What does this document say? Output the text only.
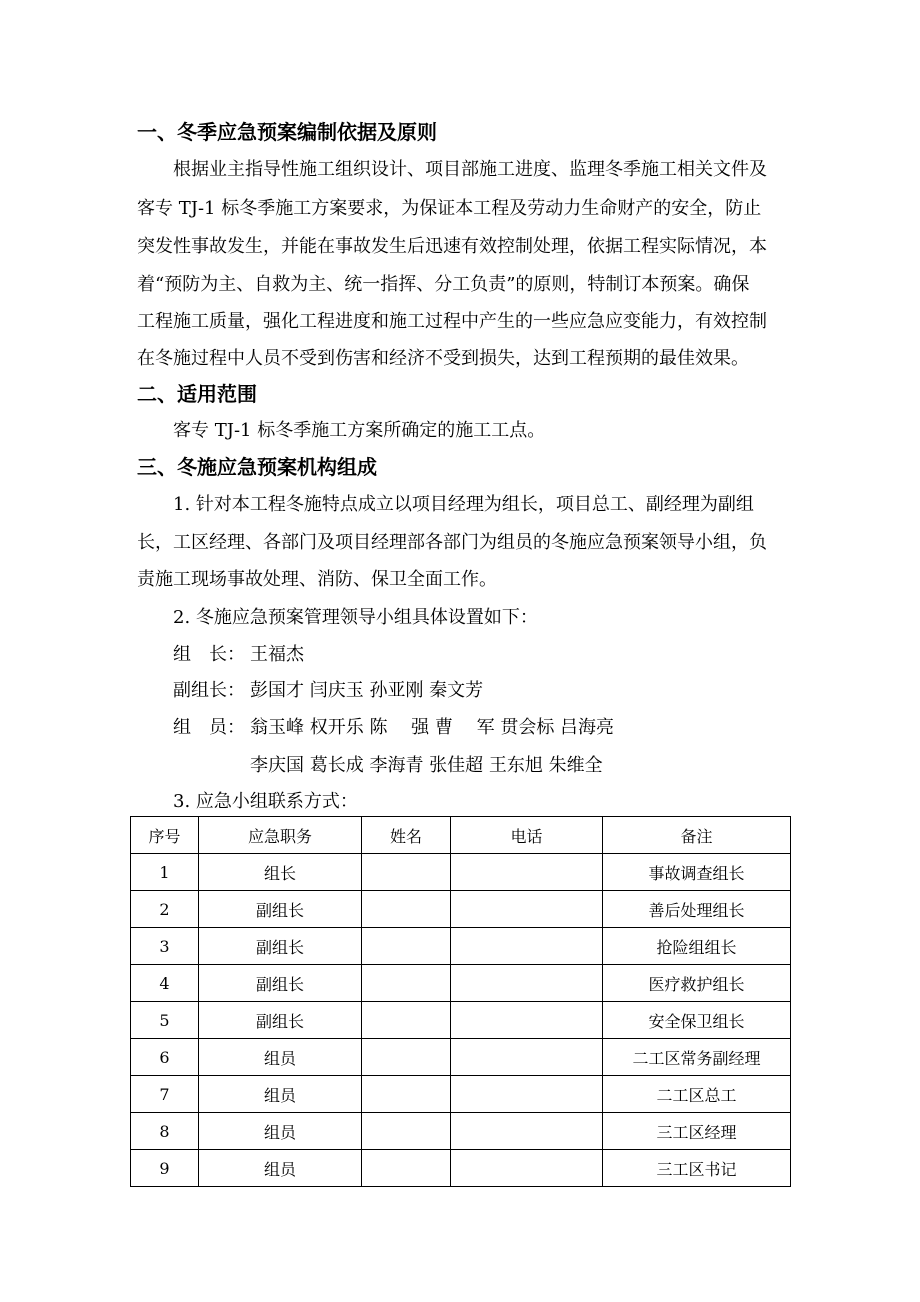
一、冬季应急预案编制依据及原则
根据业主指导性施工组织设计、项目部施工进度、监理冬季施工相关文件及
客专 TJ-1 标冬季施工方案要求，为保证本工程及劳动力生命财产的安全，防止
突发性事故发生，并能在事故发生后迅速有效控制处理，依据工程实际情况，本
着“预防为主、自救为主、统一指挥、分工负责”的原则，特制订本预案。确保
工程施工质量，强化工程进度和施工过程中产生的一些应急应变能力，有效控制
在冬施过程中人员不受到伤害和经济不受到损失，达到工程预期的最佳效果。
二、适用范围
客专 TJ-1 标冬季施工方案所确定的施工工点。
三、冬施应急预案机构组成
1. 针对本工程冬施特点成立以项目经理为组长，项目总工、副经理为副组
长，工区经理、各部门及项目经理部各部门为组员的冬施应急预案领导小组，负
责施工现场事故处理、消防、保卫全面工作。
2. 冬施应急预案管理领导小组具体设置如下：
组　长： 王福杰
副组长： 彭国才 闫庆玉 孙亚刚 秦文芳
组　员： 翁玉峰 权开乐 陈　 强 曹　 军 贯会标 吕海亮
李庆国 葛长成 李海青 张佳超 王东旭 朱维全
3. 应急小组联系方式：
序号	应急职务	姓名	电话	备注
1	组长			事故调查组长
2	副组长			善后处理组长
3	副组长			抢险组组长
4	副组长			医疗救护组长
5	副组长			安全保卫组长
6	组员			二工区常务副经理
7	组员			二工区总工
8	组员			三工区经理
9	组员			三工区书记
